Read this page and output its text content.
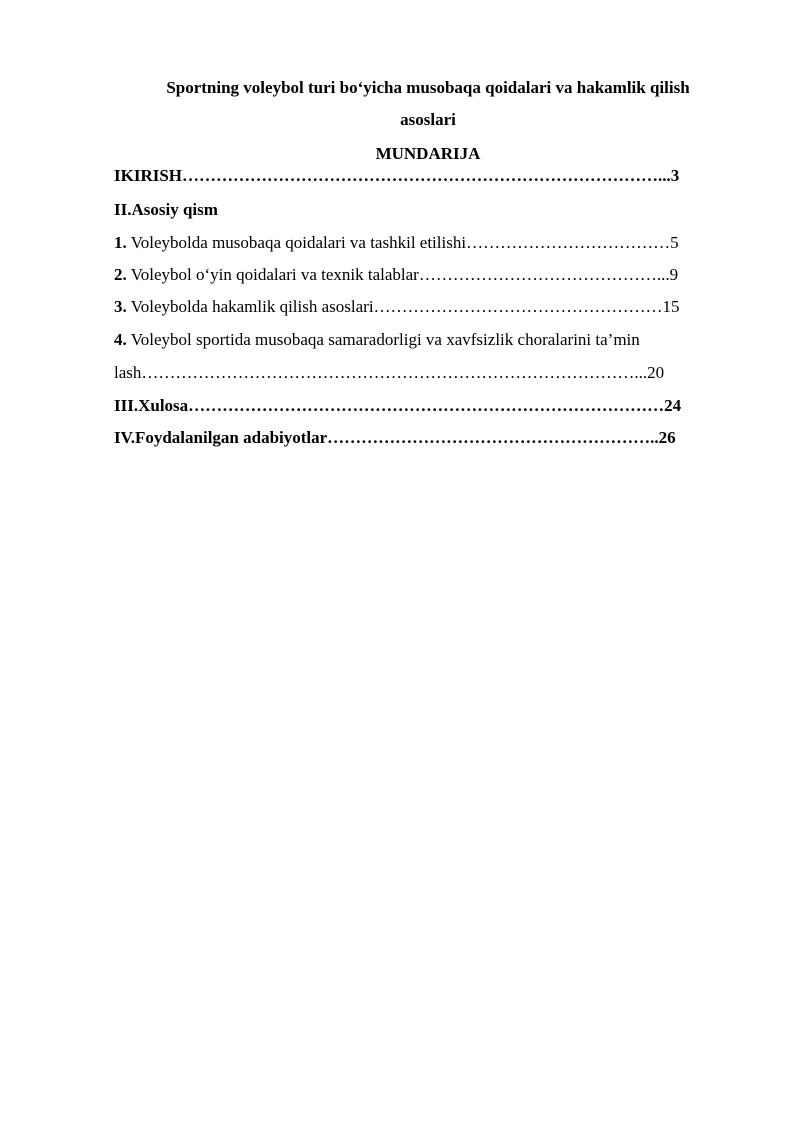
Sportning voleybol turi bo‘yicha musobaqa qoidalari va hakamlik qilish
asoslari
MUNDARIJA
IKIRISH…………………………………………………………………………...3
II.Asosiy qism
1. Voleybolda musobaqa qoidalari va tashkil etilishi………………………………5
2. Voleybol o‘yin qoidalari va texnik talablar……………………………………...9
3. Voleybolda hakamlik qilish asoslari……………………………………………15
4. Voleybol sportida musobaqa samaradorligi va xavfsizlik choralarini ta’min
lash……………………………………………………………………………...20
III.Xulosa…………………………………………………………………………24
IV.Foydalanilgan adabiyotlar…………………………………………………..26
